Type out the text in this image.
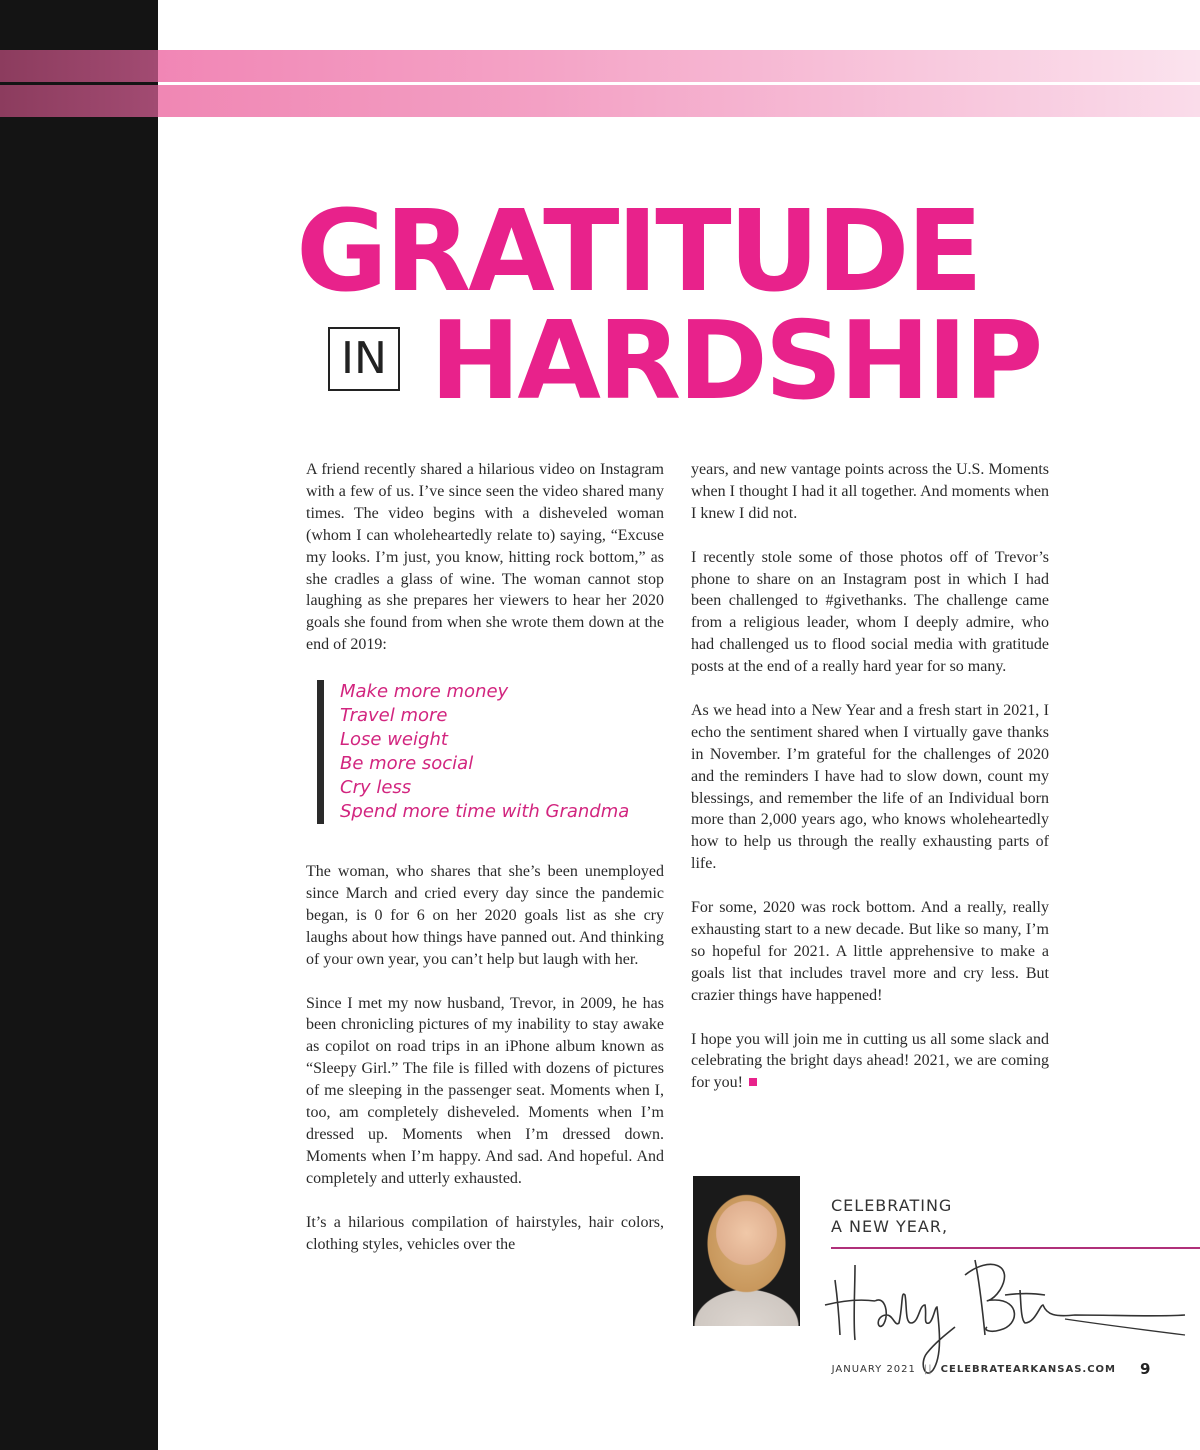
GRATITUDE
IN HARDSHIP

A friend recently shared a hilarious video on Instagram with a few of us. I’ve since seen the video shared many times. The video begins with a disheveled woman (whom I can wholeheartedly relate to) saying, “Excuse my looks. I’m just, you know, hitting rock bottom,” as she cradles a glass of wine. The woman cannot stop laughing as she prepares her viewers to hear her 2020 goals she found from when she wrote them down at the end of 2019:

Make more money
Travel more
Lose weight
Be more social
Cry less
Spend more time with Grandma

The woman, who shares that she’s been unemployed since March and cried every day since the pandemic began, is 0 for 6 on her 2020 goals list as she cry laughs about how things have panned out. And thinking of your own year, you can’t help but laugh with her.

Since I met my now husband, Trevor, in 2009, he has been chronicling pictures of my inability to stay awake as copilot on road trips in an iPhone album known as “Sleepy Girl.” The file is filled with dozens of pictures of me sleeping in the passenger seat. Moments when I, too, am completely disheveled. Moments when I’m dressed up. Moments when I’m dressed down. Moments when I’m happy. And sad. And hopeful. And completely and utterly exhausted.

It’s a hilarious compilation of hairstyles, hair colors, clothing styles, vehicles over the

years, and new vantage points across the U.S. Moments when I thought I had it all together. And moments when I knew I did not.

I recently stole some of those photos off of Trevor’s phone to share on an Instagram post in which I had been challenged to #givethanks. The challenge came from a religious leader, whom I deeply admire, who had challenged us to flood social media with gratitude posts at the end of a really hard year for so many.

As we head into a New Year and a fresh start in 2021, I echo the sentiment shared when I virtually gave thanks in November. I’m grateful for the challenges of 2020 and the reminders I have had to slow down, count my blessings, and remember the life of an Individual born more than 2,000 years ago, who knows wholeheartedly how to help us through the really exhausting parts of life.

For some, 2020 was rock bottom. And a really, really exhausting start to a new decade. But like so many, I’m so hopeful for 2021. A little apprehensive to make a goals list that includes travel more and cry less. But crazier things have happened!

I hope you will join me in cutting us all some slack and celebrating the bright days ahead! 2021, we are coming for you!

CELEBRATING
A NEW YEAR,
JANUARY 2021 || CELEBRATEARKANSAS.COM 9
